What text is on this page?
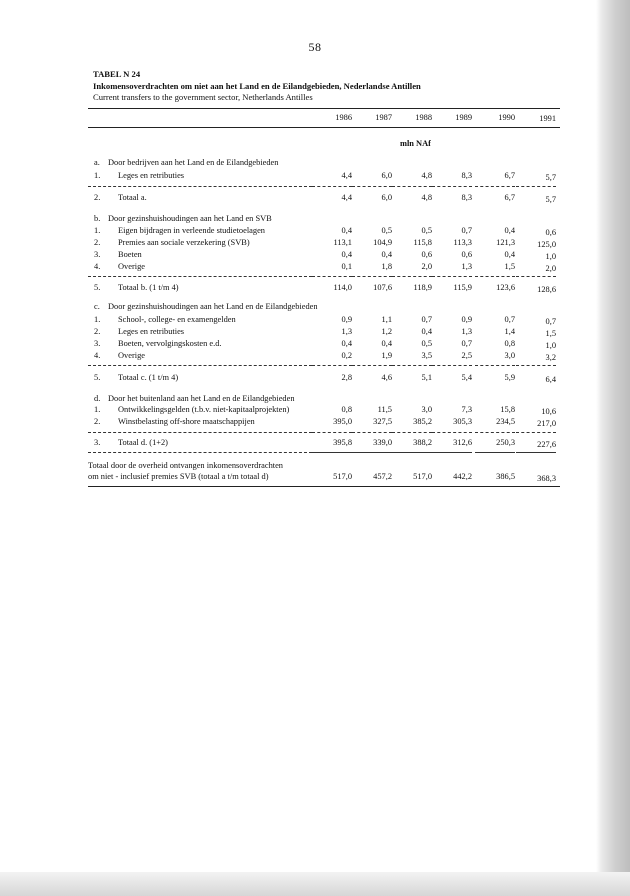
58
TABEL N 24
Inkomensoverdrachten om niet aan het Land en de Eilandgebieden, Nederlandse Antillen
Current transfers to the government sector, Netherlands Antilles
1986	1987	1988	1989	1990	1991
mln NAf
a. Door bedrijven aan het Land en de Eilandgebieden
1. Leges en retributies	4,4	6,0	4,8	8,3	6,7	5,7
2. Totaal a.	4,4	6,0	4,8	8,3	6,7	5,7
b. Door gezinshuishoudingen aan het Land en SVB
1. Eigen bijdragen in verleende studietoelagen	0,4	0,5	0,5	0,7	0,4	0,6
2. Premies aan sociale verzekering (SVB)	113,1	104,9	115,8	113,3	121,3	125,0
3. Boeten	0,4	0,4	0,6	0,6	0,4	1,0
4. Overige	0,1	1,8	2,0	1,3	1,5	2,0
5. Totaal b. (1 t/m 4)	114,0	107,6	118,9	115,9	123,6	128,6
c. Door gezinshuishoudingen aan het Land en de Eilandgebieden
1. School-, college- en examengelden	0,9	1,1	0,7	0,9	0,7	0,7
2. Leges en retributies	1,3	1,2	0,4	1,3	1,4	1,5
3. Boeten, vervolgingskosten e.d.	0,4	0,4	0,5	0,7	0,8	1,0
4. Overige	0,2	1,9	3,5	2,5	3,0	3,2
5. Totaal c. (1 t/m 4)	2,8	4,6	5,1	5,4	5,9	6,4
d. Door het buitenland aan het Land en de Eilandgebieden
1. Ontwikkelingsgelden (t.b.v. niet-kapitaalprojekten)	0,8	11,5	3,0	7,3	15,8	10,6
2. Winstbelasting off-shore maatschappijen	395,0	327,5	385,2	305,3	234,5	217,0
3. Totaal d. (1+2)	395,8	339,0	388,2	312,6	250,3	227,6
Totaal door de overheid ontvangen inkomensoverdrachten
om niet - inclusief premies SVB (totaal a t/m totaal d)	517,0	457,2	517,0	442,2	386,5	368,3
